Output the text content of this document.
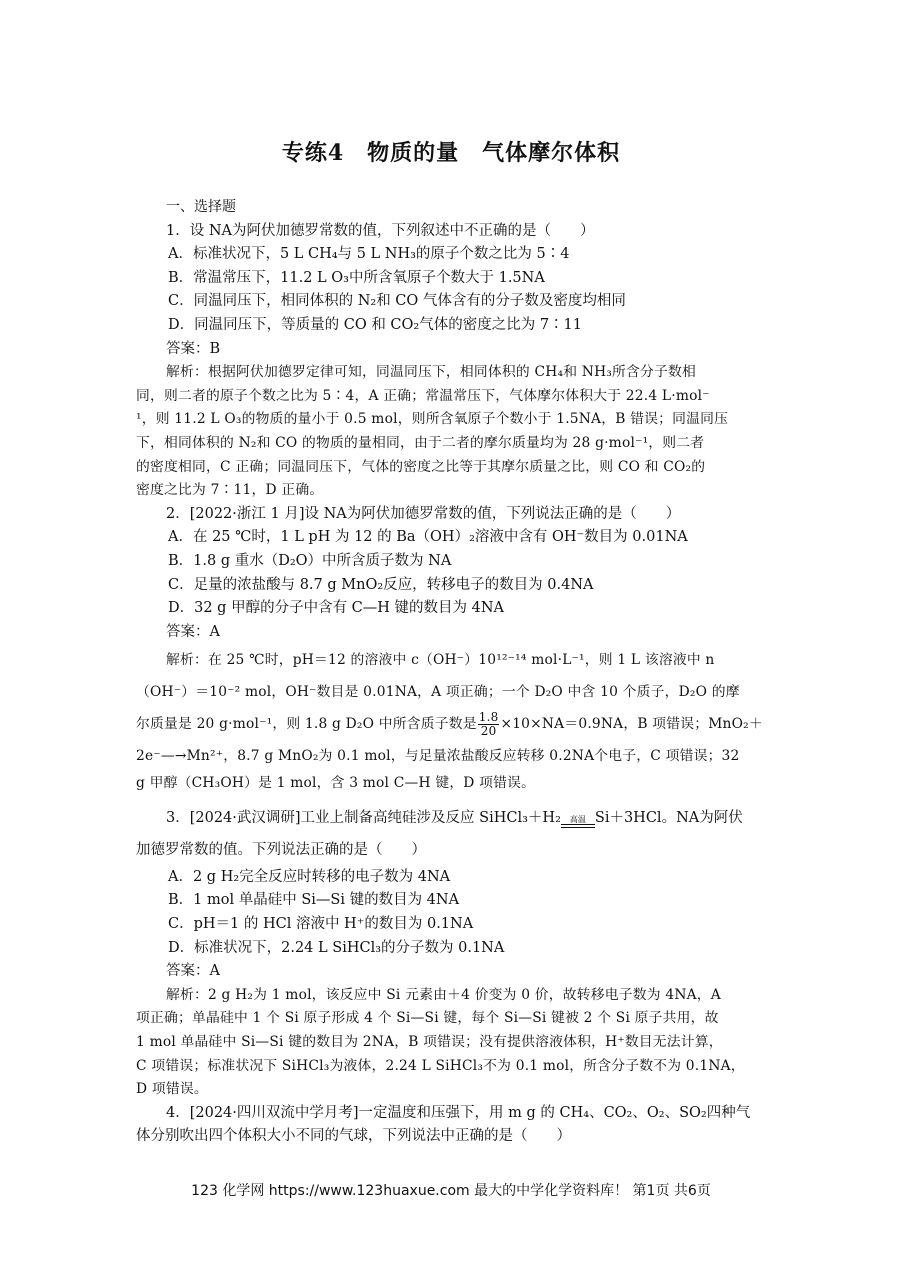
专练4　物质的量　气体摩尔体积
一、选择题
1．设 NA为阿伏加德罗常数的值，下列叙述中不正确的是（　　）
A．标准状况下，5 L CH₄与 5 L NH₃的原子个数之比为 5∶4
B．常温常压下，11.2 L O₃中所含氧原子个数大于 1.5NA
C．同温同压下，相同体积的 N₂和 CO 气体含有的分子数及密度均相同
D．同温同压下，等质量的 CO 和 CO₂气体的密度之比为 7∶11
答案：B
解析：根据阿伏加德罗定律可知，同温同压下，相同体积的 CH₄和 NH₃所含分子数相
同，则二者的原子个数之比为 5∶4，A 正确；常温常压下，气体摩尔体积大于 22.4 L·mol⁻
¹，则 11.2 L O₃的物质的量小于 0.5 mol，则所含氧原子个数小于 1.5NA，B 错误；同温同压
下，相同体积的 N₂和 CO 的物质的量相同，由于二者的摩尔质量均为 28 g·mol⁻¹，则二者
的密度相同，C 正确；同温同压下，气体的密度之比等于其摩尔质量之比，则 CO 和 CO₂的
密度之比为 7∶11，D 正确。
2．[2022·浙江 1 月]设 NA为阿伏加德罗常数的值，下列说法正确的是（　　）
A．在 25 ℃时，1 L pH 为 12 的 Ba（OH）₂溶液中含有 OH⁻数目为 0.01NA
B．1.8 g 重水（D₂O）中所含质子数为 NA
C．足量的浓盐酸与 8.7 g MnO₂反应，转移电子的数目为 0.4NA
D．32 g 甲醇的分子中含有 C—H 键的数目为 4NA
答案：A
解析：在 25 ℃时，pH＝12 的溶液中 c（OH⁻）10¹²⁻¹⁴ mol·L⁻¹，则 1 L 该溶液中 n
（OH⁻）＝10⁻² mol，OH⁻数目是 0.01NA，A 项正确；一个 D₂O 中含 10 个质子，D₂O 的摩
尔质量是 20 g·mol⁻¹，则 1.8 g D₂O 中所含质子数是 $\frac{1.8}{20} \times 10\times NA=0.9NA$，B 项错误；MnO₂＋
2e⁻—→Mn²⁺，8.7 g MnO₂为 0.1 mol，与足量浓盐酸反应转移 0.2NA个电子，C 项错误；32
g 甲醇（CH₃OH）是 1 mol，含 3 mol C—H 键，D 项错误。
3．[2024·武汉调研]工业上制备高纯硅涉及反应 SiHCl₃＋H₂	高温 Si＋3HCl。NA为阿伏
加德罗常数的值。下列说法正确的是（　　）
A．2 g H₂完全反应时转移的电子数为 4NA
B．1 mol 单晶硅中 Si—Si 键的数目为 4NA
C．pH＝1 的 HCl 溶液中 H⁺的数目为 0.1NA
D．标准状况下，2.24 L SiHCl₃的分子数为 0.1NA
答案：A
解析：2 g H₂为 1 mol，该反应中 Si 元素由＋4 价变为 0 价，故转移电子数为 4NA，A
项正确；单晶硅中 1 个 Si 原子形成 4 个 Si—Si 键，每个 Si—Si 键被 2 个 Si 原子共用，故
1 mol 单晶硅中 Si—Si 键的数目为 2NA，B 项错误；没有提供溶液体积，H⁺数目无法计算，
C 项错误；标准状况下 SiHCl₃为液体，2.24 L SiHCl₃不为 0.1 mol，所含分子数不为 0.1NA，
D 项错误。
4．[2024·四川双流中学月考]一定温度和压强下，用 m g 的 CH₄、CO₂、O₂、SO₂四种气
体分别吹出四个体积大小不同的气球，下列说法中正确的是（　　）
123 化学网 https://www.123huaxue.com 最大的中学化学资料库！ 第1页 共6页
